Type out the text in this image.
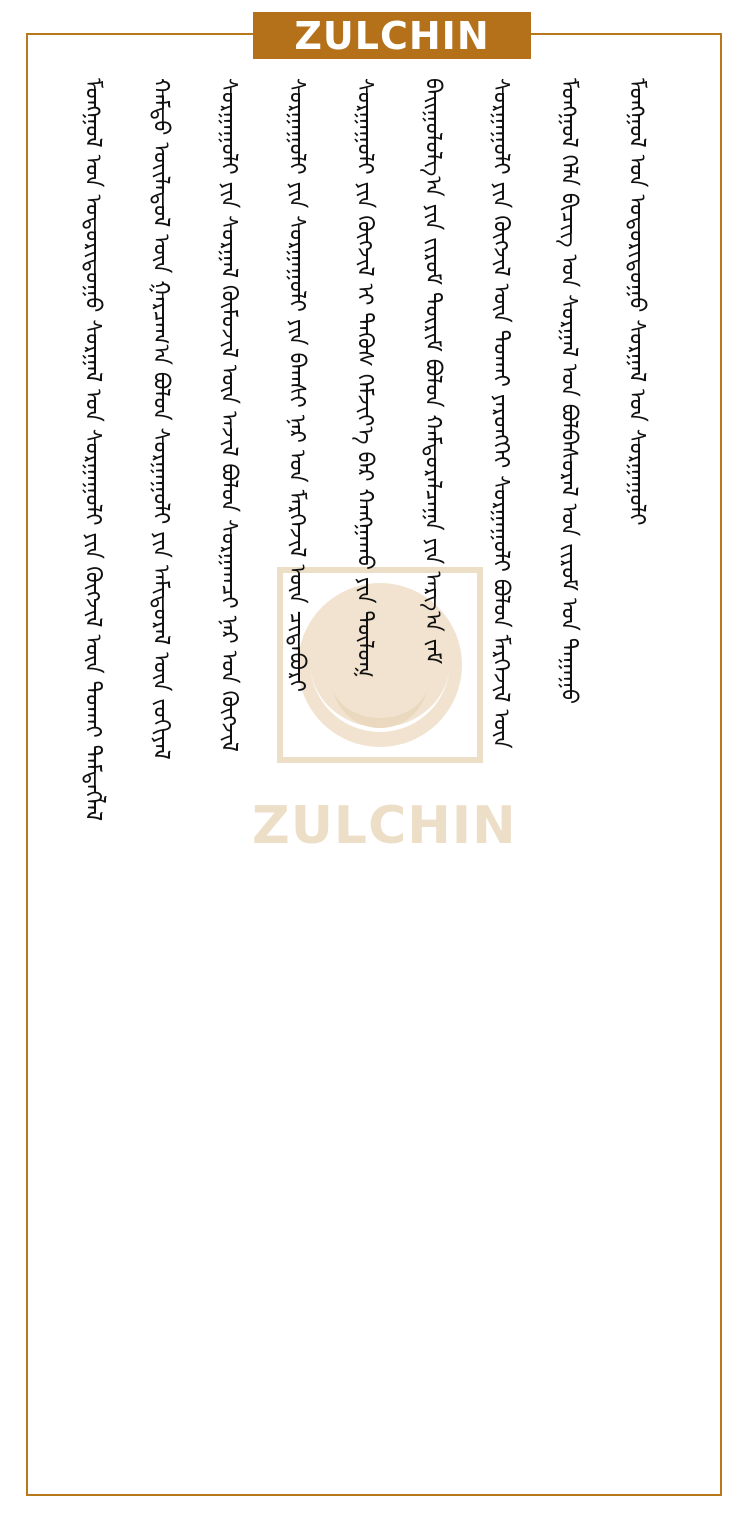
ZULCHIN
ZULCHIN
ᠮᠣᠩᠭᠣᠯ ᠤᠨ ᠤᠳᠤᠷᠢᠳᠤᠭᠤ ᠰᠤᠷᠭᠠᠯ ᠤᠨ ᠰᠤᠷᠭᠠᠭᠤᠯᠢ ᠶᠢᠨ ᠬᠥᠭᠵᠢᠯ ᠦᠨ ᠲᠤᠬᠠᠢ ᠲᠡᠮᠳᠡᠭᠯᠡᠯ	ᠬᠠᠮᠲᠤ ᠦᠢᠯᠡᠳᠦᠯ ᠦᠨ ᠭᠠᠷᠴᠠᠭ᠎ᠠ ᠪᠣᠯᠤᠨ ᠰᠤᠷᠭᠠᠭᠤᠯᠢ ᠶᠢᠨ ᠠᠮᠢᠳᠤᠷᠠᠯ ᠦᠨ ᠵᠣᠬᠢᠶᠠᠯ	ᠰᠤᠷᠭᠠᠭᠤᠯᠢ ᠶᠢᠨ ᠰᠤᠷᠭᠠᠯ ᠬᠦᠮᠦᠵᠢᠯ ᠦᠨ ᠠᠵᠢᠯ ᠪᠣᠯᠤᠨ ᠰᠤᠷᠭᠠᠭᠴᠢ ᠨᠠᠷ ᠤᠨ ᠬᠥᠭᠵᠢᠯ	ᠰᠤᠷᠭᠠᠭᠤᠯᠢ ᠶᠢᠨ ᠰᠤᠷᠭᠠᠭᠤᠯᠢ ᠶᠢᠨ ᠪᠠᠭᠰᠢ ᠨᠠᠷ ᠤᠨ ᠮᠡᠷᠭᠡᠵᠢᠯ ᠦᠨ ᠴᠢᠳᠠᠪᠤᠷᠢ	ᠰᠤᠷᠭᠠᠭᠤᠯᠢ ᠶᠢᠨ ᠬᠥᠭᠵᠢᠯ ᠢ ᠲᠡᠭᠦᠰ ᠬᠡᠮᠵᠢᠶ᠎ᠡ ᠪᠡᠷ ᠬᠠᠩᠭᠠᠬᠤ ᠶᠢᠨ ᠲᠥᠯᠥᠭ᠍	ᠪᠠᠢᠭᠤᠯᠤᠯᠭ᠎ᠠ ᠶᠢᠨ ᠵᠢᠷᠤᠮ ᠳᠦᠷᠢᠮ ᠪᠣᠯᠤᠨ ᠬᠠᠮᠲᠤᠷᠠᠯᠴᠠᠭᠠ ᠶᠢᠨ ᠠᠷᠭ᠎ᠠ ᠵᠠᠮ	ᠰᠤᠷᠭᠠᠭᠤᠯᠢ ᠶᠢᠨ ᠬᠥᠭᠵᠢᠯ ᠦᠨ ᠲᠤᠬᠠᠢ ᠶᠡᠷᠦᠩᠬᠡᠢ ᠰᠤᠷᠭᠠᠭᠤᠯᠢ ᠪᠣᠯᠤᠨ ᠮᠡᠷᠭᠡᠵᠢᠯ ᠦᠨ	ᠮᠣᠩᠭᠣᠯ ᠬᠡᠯᠡ ᠪᠢᠴᠢᠭ ᠤᠨ ᠰᠤᠷᠭᠠᠯ ᠤᠨ ᠪᠣᠯᠪᠠᠰᠤᠷᠠᠯ ᠤᠨ ᠵᠢᠷᠤᠮ ᠤᠨ ᠳᠠᠭᠠᠭᠤ	ᠮᠣᠩᠭᠣᠯ ᠤᠨ ᠤᠳᠤᠷᠢᠳᠤᠭᠤ ᠰᠤᠷᠭᠠᠯ ᠤᠨ ᠰᠤᠷᠭᠠᠭᠤᠯᠢ
